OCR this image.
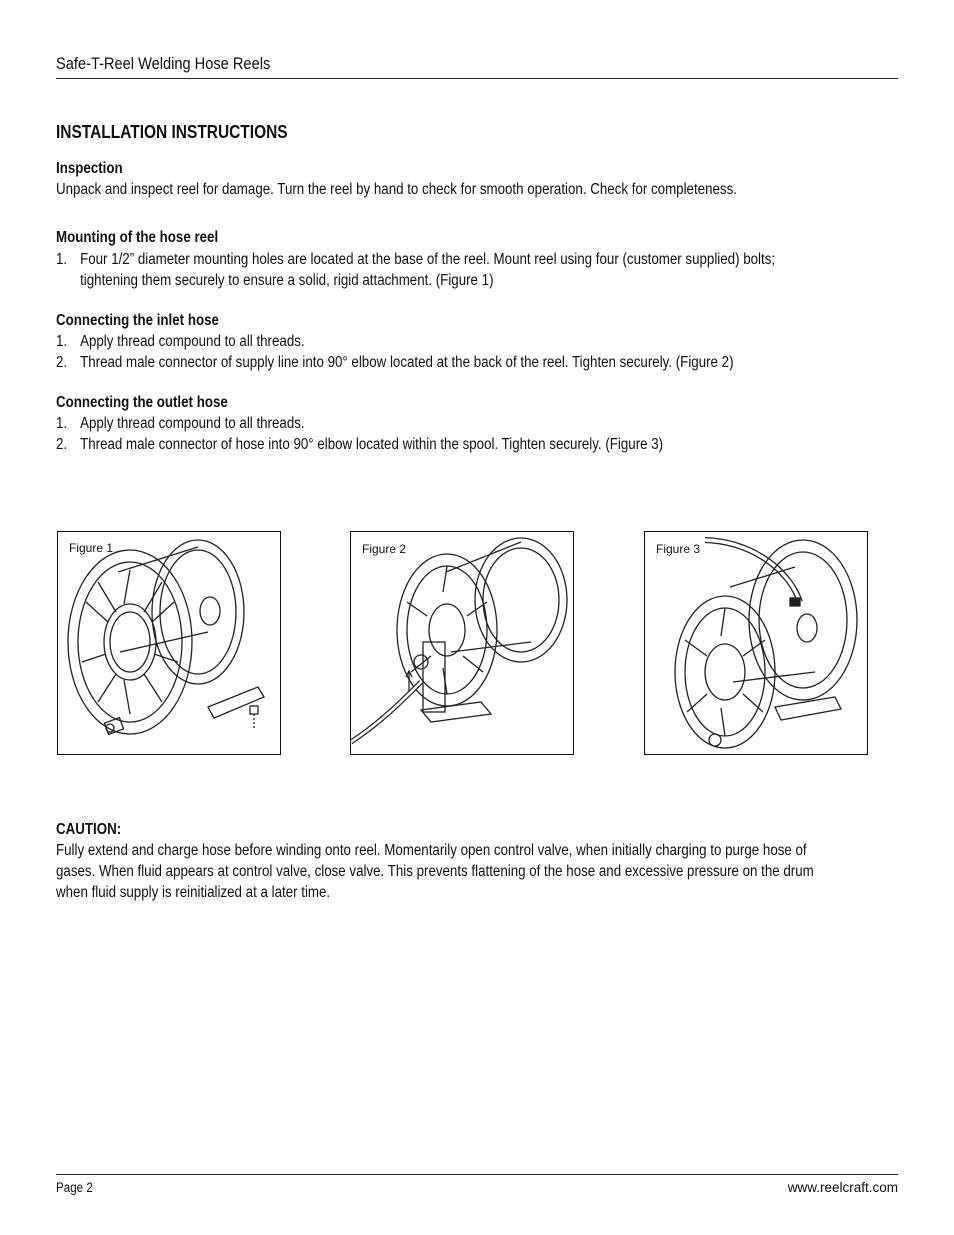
Safe-T-Reel Welding Hose Reels
INSTALLATION INSTRUCTIONS
Inspection
Unpack and inspect reel for damage. Turn the reel by hand to check for smooth operation. Check for completeness.
Mounting of the hose reel
1. Four 1/2” diameter mounting holes are located at the base of the reel. Mount reel using four (customer supplied) bolts;
tightening them securely to ensure a solid, rigid attachment. (Figure 1)
Connecting the inlet hose
1. Apply thread compound to all threads.
2. Thread male connector of supply line into 90° elbow located at the back of the reel. Tighten securely. (Figure 2)
Connecting the outlet hose
1. Apply thread compound to all threads.
2. Thread male connector of hose into 90° elbow located within the spool. Tighten securely. (Figure 3)
Figure 1	Figure 2	Figure 3
CAUTION:
Fully extend and charge hose before winding onto reel. Momentarily open control valve, when initially charging to purge hose of
gases. When fluid appears at control valve, close valve. This prevents flattening of the hose and excessive pressure on the drum
when fluid supply is reinitialized at a later time.
Page 2	www.reelcraft.com
